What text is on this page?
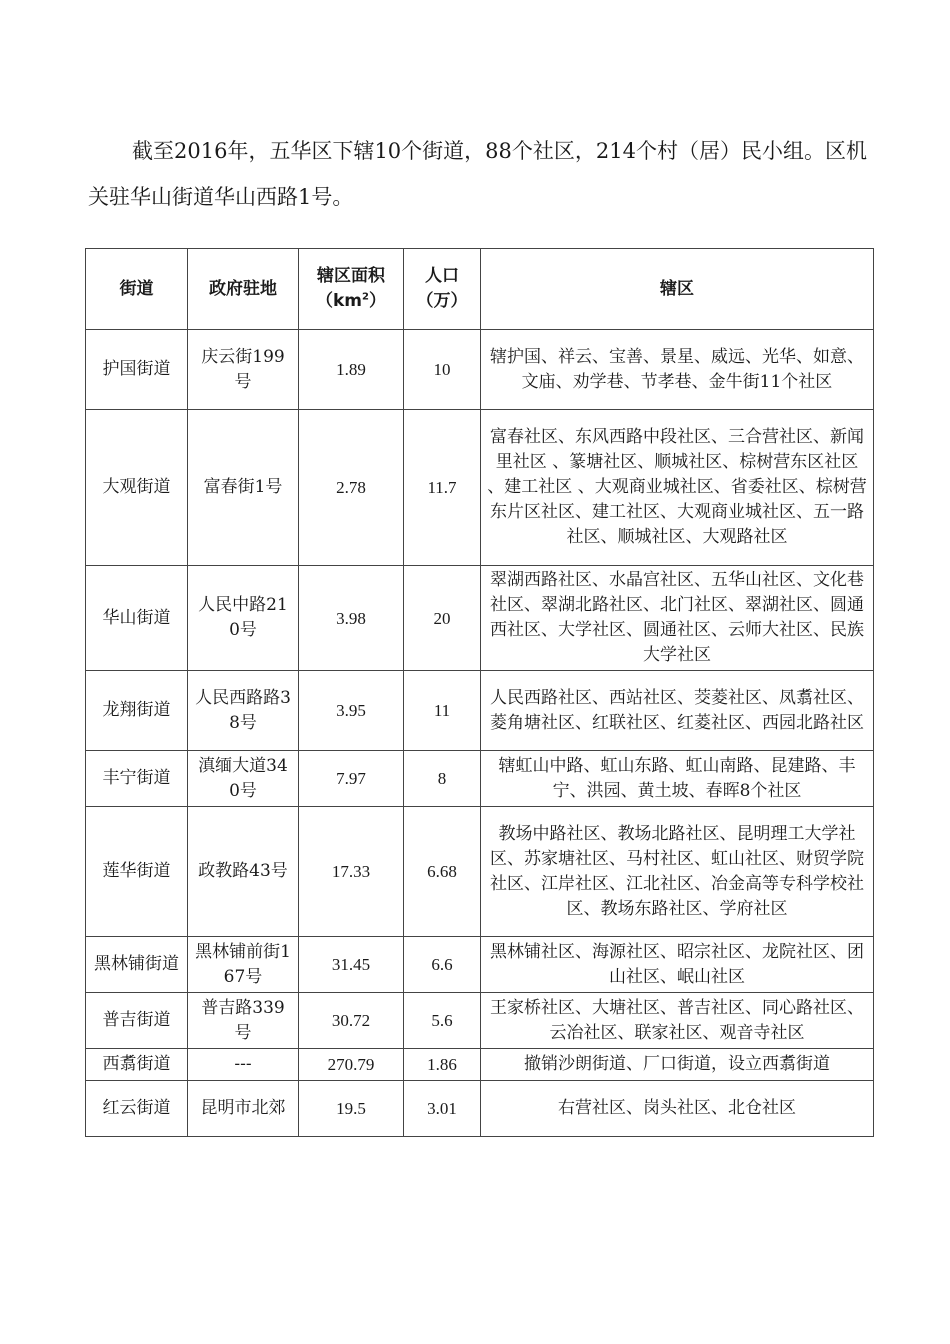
截至2016年，五华区下辖10个街道，88个社区，214个村（居）民小组。区机关驻华山街道华山西路1号。

街道	政府驻地	辖区面积$(km^2)$	人口（万）	辖区
护国街道	庆云街199号	1.89	10	辖护国、祥云、宝善、景星、威远、光华、如意、文庙、劝学巷、节孝巷、金牛街11个社区
大观街道	富春街1号	2.78	11.7	富春社区、东风西路中段社区、三合营社区、新闻里社区 、篆塘社区、顺城社区、棕树营东区社区 、建工社区 、大观商业城社区、省委社区、棕树营东片区社区、建工社区、大观商业城社区、五一路社区、顺城社区、大观路社区
华山街道	人民中路210号	3.98	20	翠湖西路社区、水晶宫社区、五华山社区、文化巷社区、翠湖北路社区、北门社区、翠湖社区、圆通西社区、大学社区、圆通社区、云师大社区、民族大学社区
龙翔街道	人民西路路38号	3.95	11	人民西路社区、西站社区、茭菱社区、凤翥社区、菱角塘社区、红联社区、红菱社区、西园北路社区
丰宁街道	滇缅大道340号	7.97	8	辖虹山中路、虹山东路、虹山南路、昆建路、丰宁、洪园、黄土坡、春晖8个社区
莲华街道	政教路43号	17.33	6.68	教场中路社区、教场北路社区、昆明理工大学社区、苏家塘社区、马村社区、虹山社区、财贸学院社区、江岸社区、江北社区、冶金高等专科学校社区、教场东路社区、学府社区
黑林铺街道	黑林铺前街167号	31.45	6.6	黑林铺社区、海源社区、昭宗社区、龙院社区、团山社区、岷山社区
普吉街道	普吉路339号	30.72	5.6	王家桥社区、大塘社区、普吉社区、同心路社区、云冶社区、联家社区、观音寺社区
西翥街道	---	270.79	1.86	撤销沙朗街道、厂口街道，设立西翥街道
红云街道	昆明市北郊	19.5	3.01	右营社区、岗头社区、北仓社区
